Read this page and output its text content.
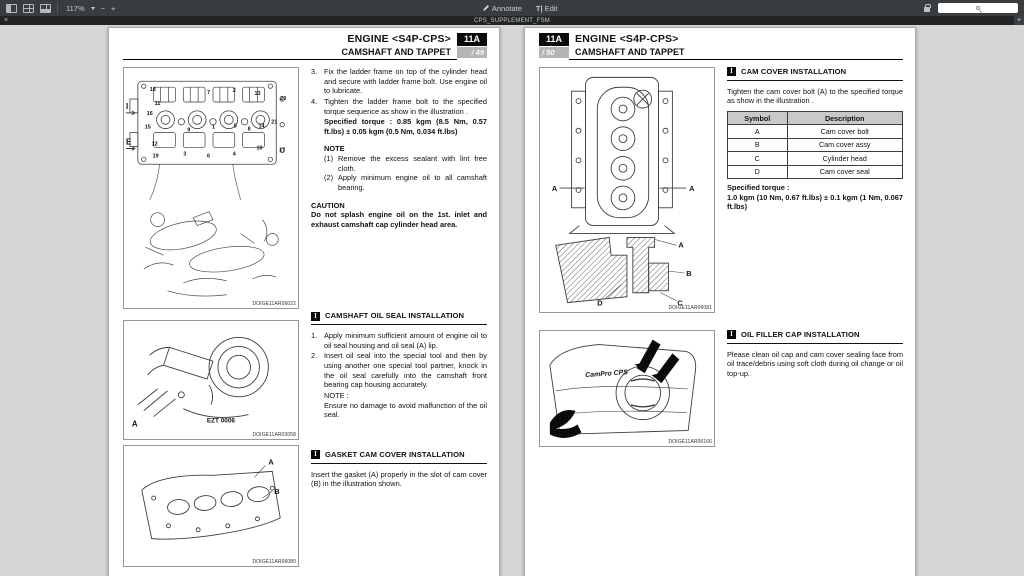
117% − +	Annotate T| Edit
×	CPS_SUPPLEMENT_FSM	+
ENGINE <S4P-CPS>
CAMSHAFT AND TAPPET
11A
/ 49
18
11
16
15
12
19
7	2	13
20
9	1	5 8 14
21
3	6	4
10	17
I
E
DOIGE11AR06022
A	EZT 0006
DOIGE11AR03058
A
B
DOIGE11AR06080
3. Fix the ladder frame on top of the cylinder head and secure with ladder frame bolt. Use engine oil to lubricate.
4. Tighten the ladder frame bolt to the specified torque sequence as show in the illustration .
Specified torque : 0.85 kgm (8.5 Nm, 0.57 ft.lbs) ± 0.05 kgm (0.5 Nm, 0.034 ft.lbs)
NOTE
(1) Remove the excess sealant with lint free cloth.
(2) Apply minimum engine oil to all camshaft bearing.
CAUTION
Do not splash engine oil on the 1st. inlet and exhaust camshaft cap cylinder head area.
I	CAMSHAFT OIL SEAL INSTALLATION
1. Apply minimum sufficient amount of engine oil to oil seal housing and oil seal (A) lip.
2. Insert oil seal into the special tool and then by using another one special tool partner, knock in the oil seal carefully into the camshaft front bearing cap housing accurately.
NOTE :
Ensure no damage to avoid malfunction of the oil seal.
I	GASKET CAM COVER INSTALLATION
Insert the gasket (A) properly in the slot of cam cover (B) in the illustration shown.
11A
/ 50
ENGINE <S4P-CPS>
CAMSHAFT AND TAPPET
A	A
A
B
D	C
DOIGE11AR06081
CamPro CPS
DOIGE11AR06166
I	CAM COVER INSTALLATION
Tighten the cam cover bolt (A) to the specified torque as show in the illustration .
Symbol	Description
A	Cam cover bolt
B	Cam cover assy
C	Cylinder head
D	Cam cover seal
Specified torque :
1.0 kgm (10 Nm, 0.67 ft.lbs) ± 0.1 kgm (1 Nm, 0.067 ft.lbs)
I	OIL FILLER CAP INSTALLATION
Please clean oil cap and cam cover sealing face from oil trace/debris using soft cloth during oil change or oil top-up.
